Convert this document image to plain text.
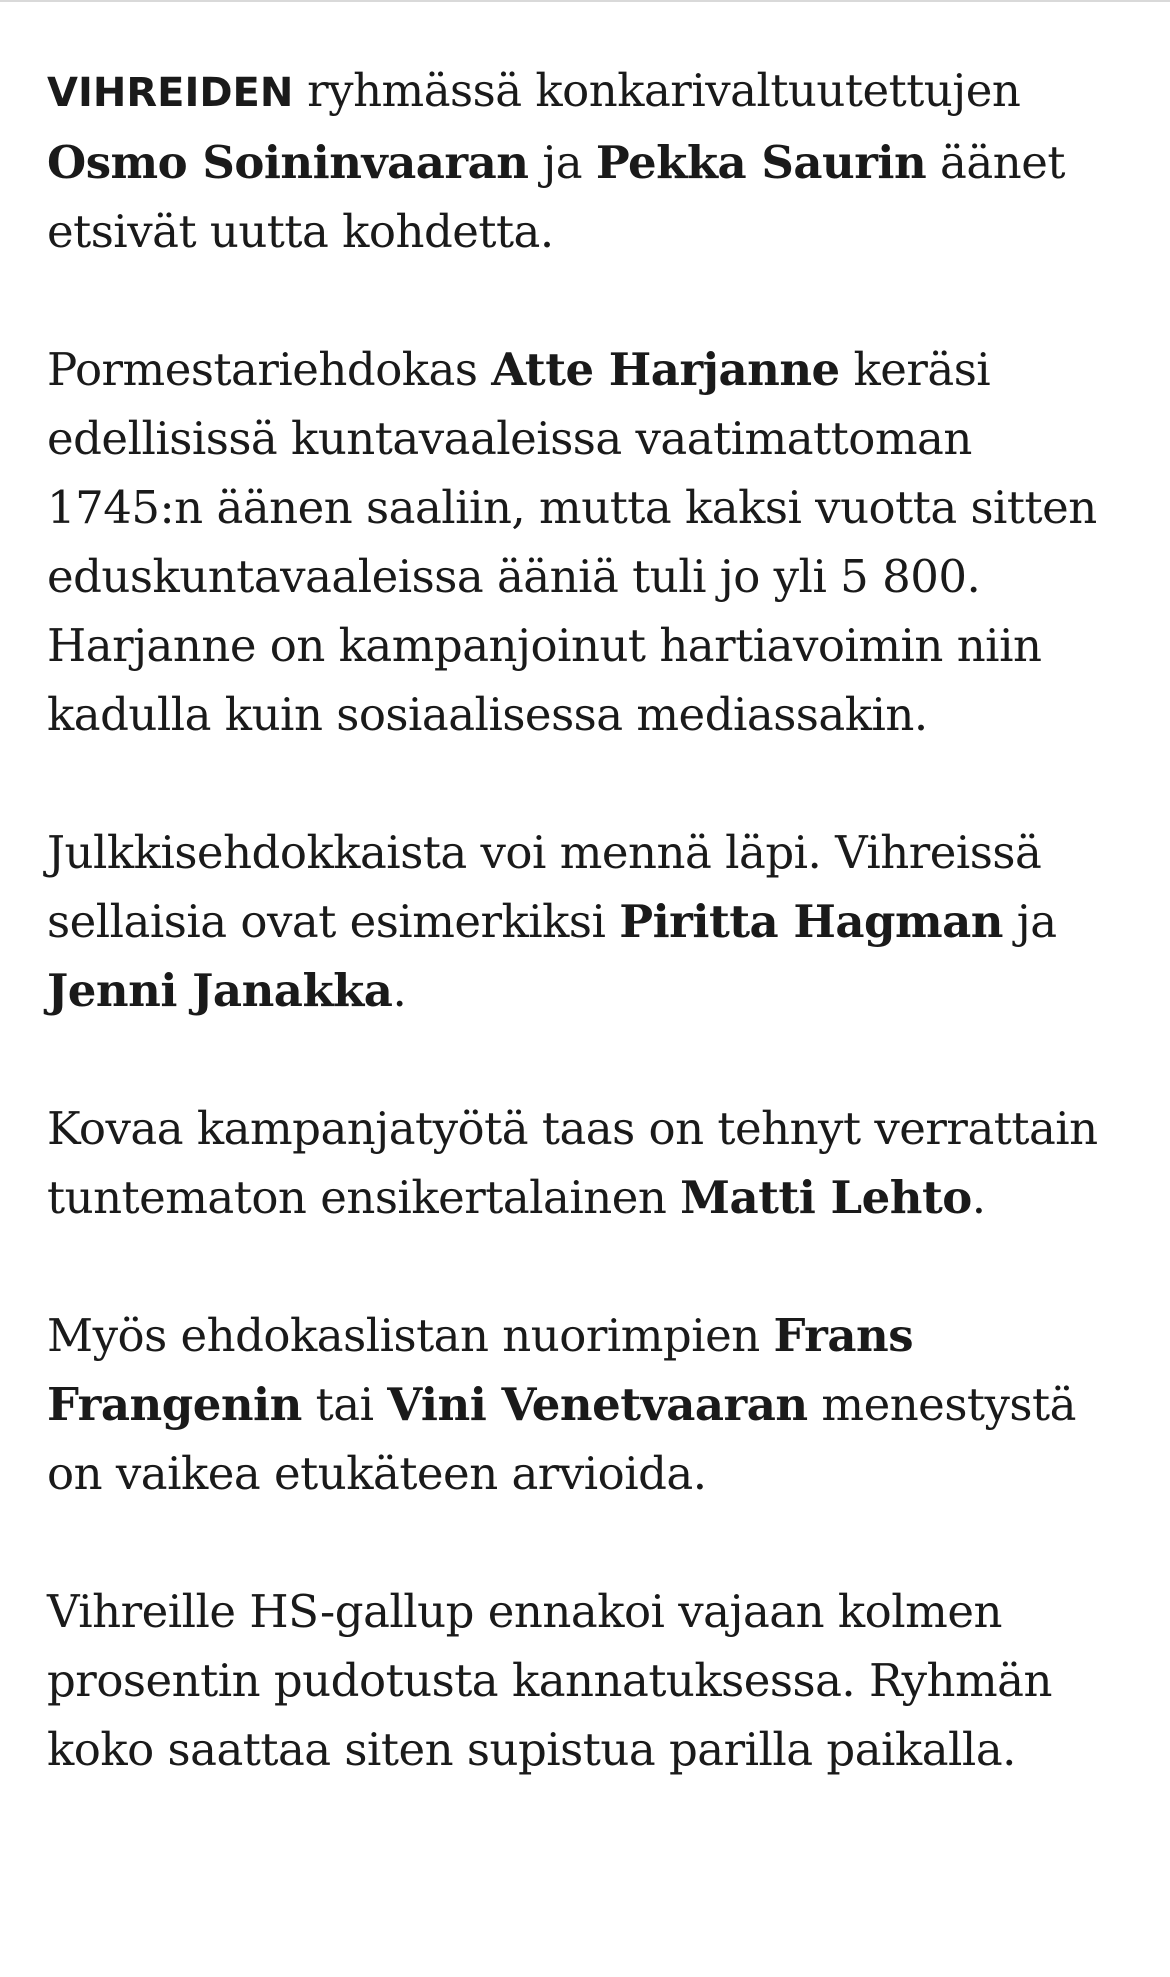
VIHREIDEN ryhmässä konkarivaltuutettujen Osmo Soininvaaran ja Pekka Saurin äänet etsivät uutta kohdetta.

Pormestariehdokas Atte Harjanne keräsi edellisissä kuntavaaleissa vaatimattoman 1745:n äänen saaliin, mutta kaksi vuotta sitten eduskuntavaaleissa ääniä tuli jo yli 5 800. Harjanne on kampanjoinut hartiavoimin niin kadulla kuin sosiaalisessa mediassakin.

Julkkisehdokkaista voi mennä läpi. Vihreissä sellaisia ovat esimerkiksi Piritta Hagman ja Jenni Janakka.

Kovaa kampanjatyötä taas on tehnyt verrattain tuntematon ensikertalainen Matti Lehto.

Myös ehdokaslistan nuorimpien Frans Frangenin tai Vini Venetvaaran menestystä on vaikea etukäteen arvioida.

Vihreille HS-gallup ennakoi vajaan kolmen prosentin pudotusta kannatuksessa. Ryhmän koko saattaa siten supistua parilla paikalla.
